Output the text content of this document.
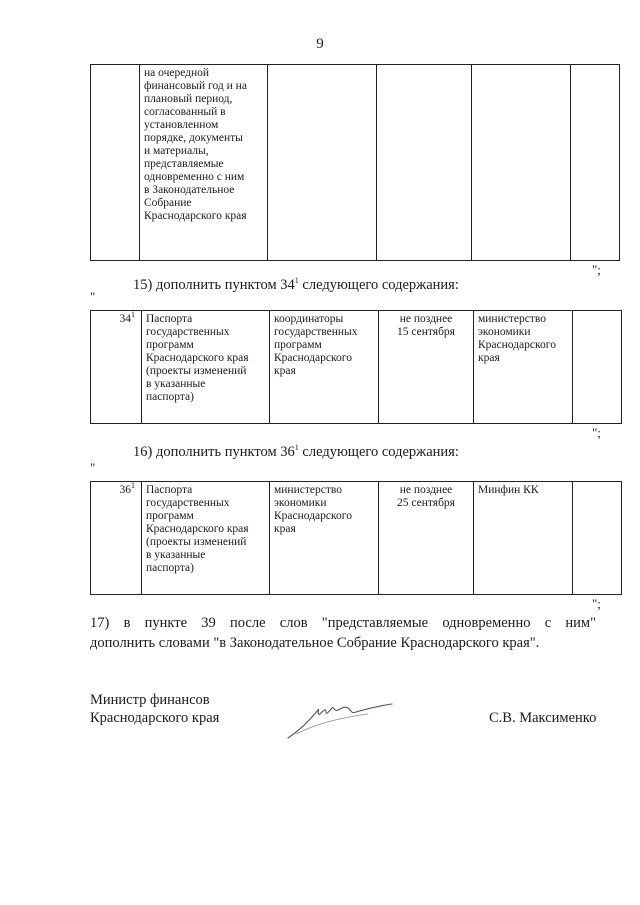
9
	на очередной
финансовый год и на
плановый период,
согласованный в
установленном
порядке, документы
и материалы,
представляемые
одновременно с ним
в Законодательное
Собрание
Краснодарского края				
";
15) дополнить пунктом $34^1$ следующего содержания:
"
$34^1$	Паспорта
государственных
программ
Краснодарского края
(проекты изменений
в указанные
паспорта)	координаторы
государственных
программ
Краснодарского
края	не позднее
15 сентября	министерство
экономики
Краснодарского
края	
";
16) дополнить пунктом $36^1$ следующего содержания:
"
$36^1$	Паспорта
государственных
программ
Краснодарского края
(проекты изменений
в указанные
паспорта)	министерство
экономики
Краснодарского
края	не позднее
25 сентября	Минфин КК	
";
17) в пункте 39 после слов "представляемые одновременно с ним"
дополнить словами "в Законодательное Собрание Краснодарского края".
Министр финансов
Краснодарского края	С.В. Максименко
